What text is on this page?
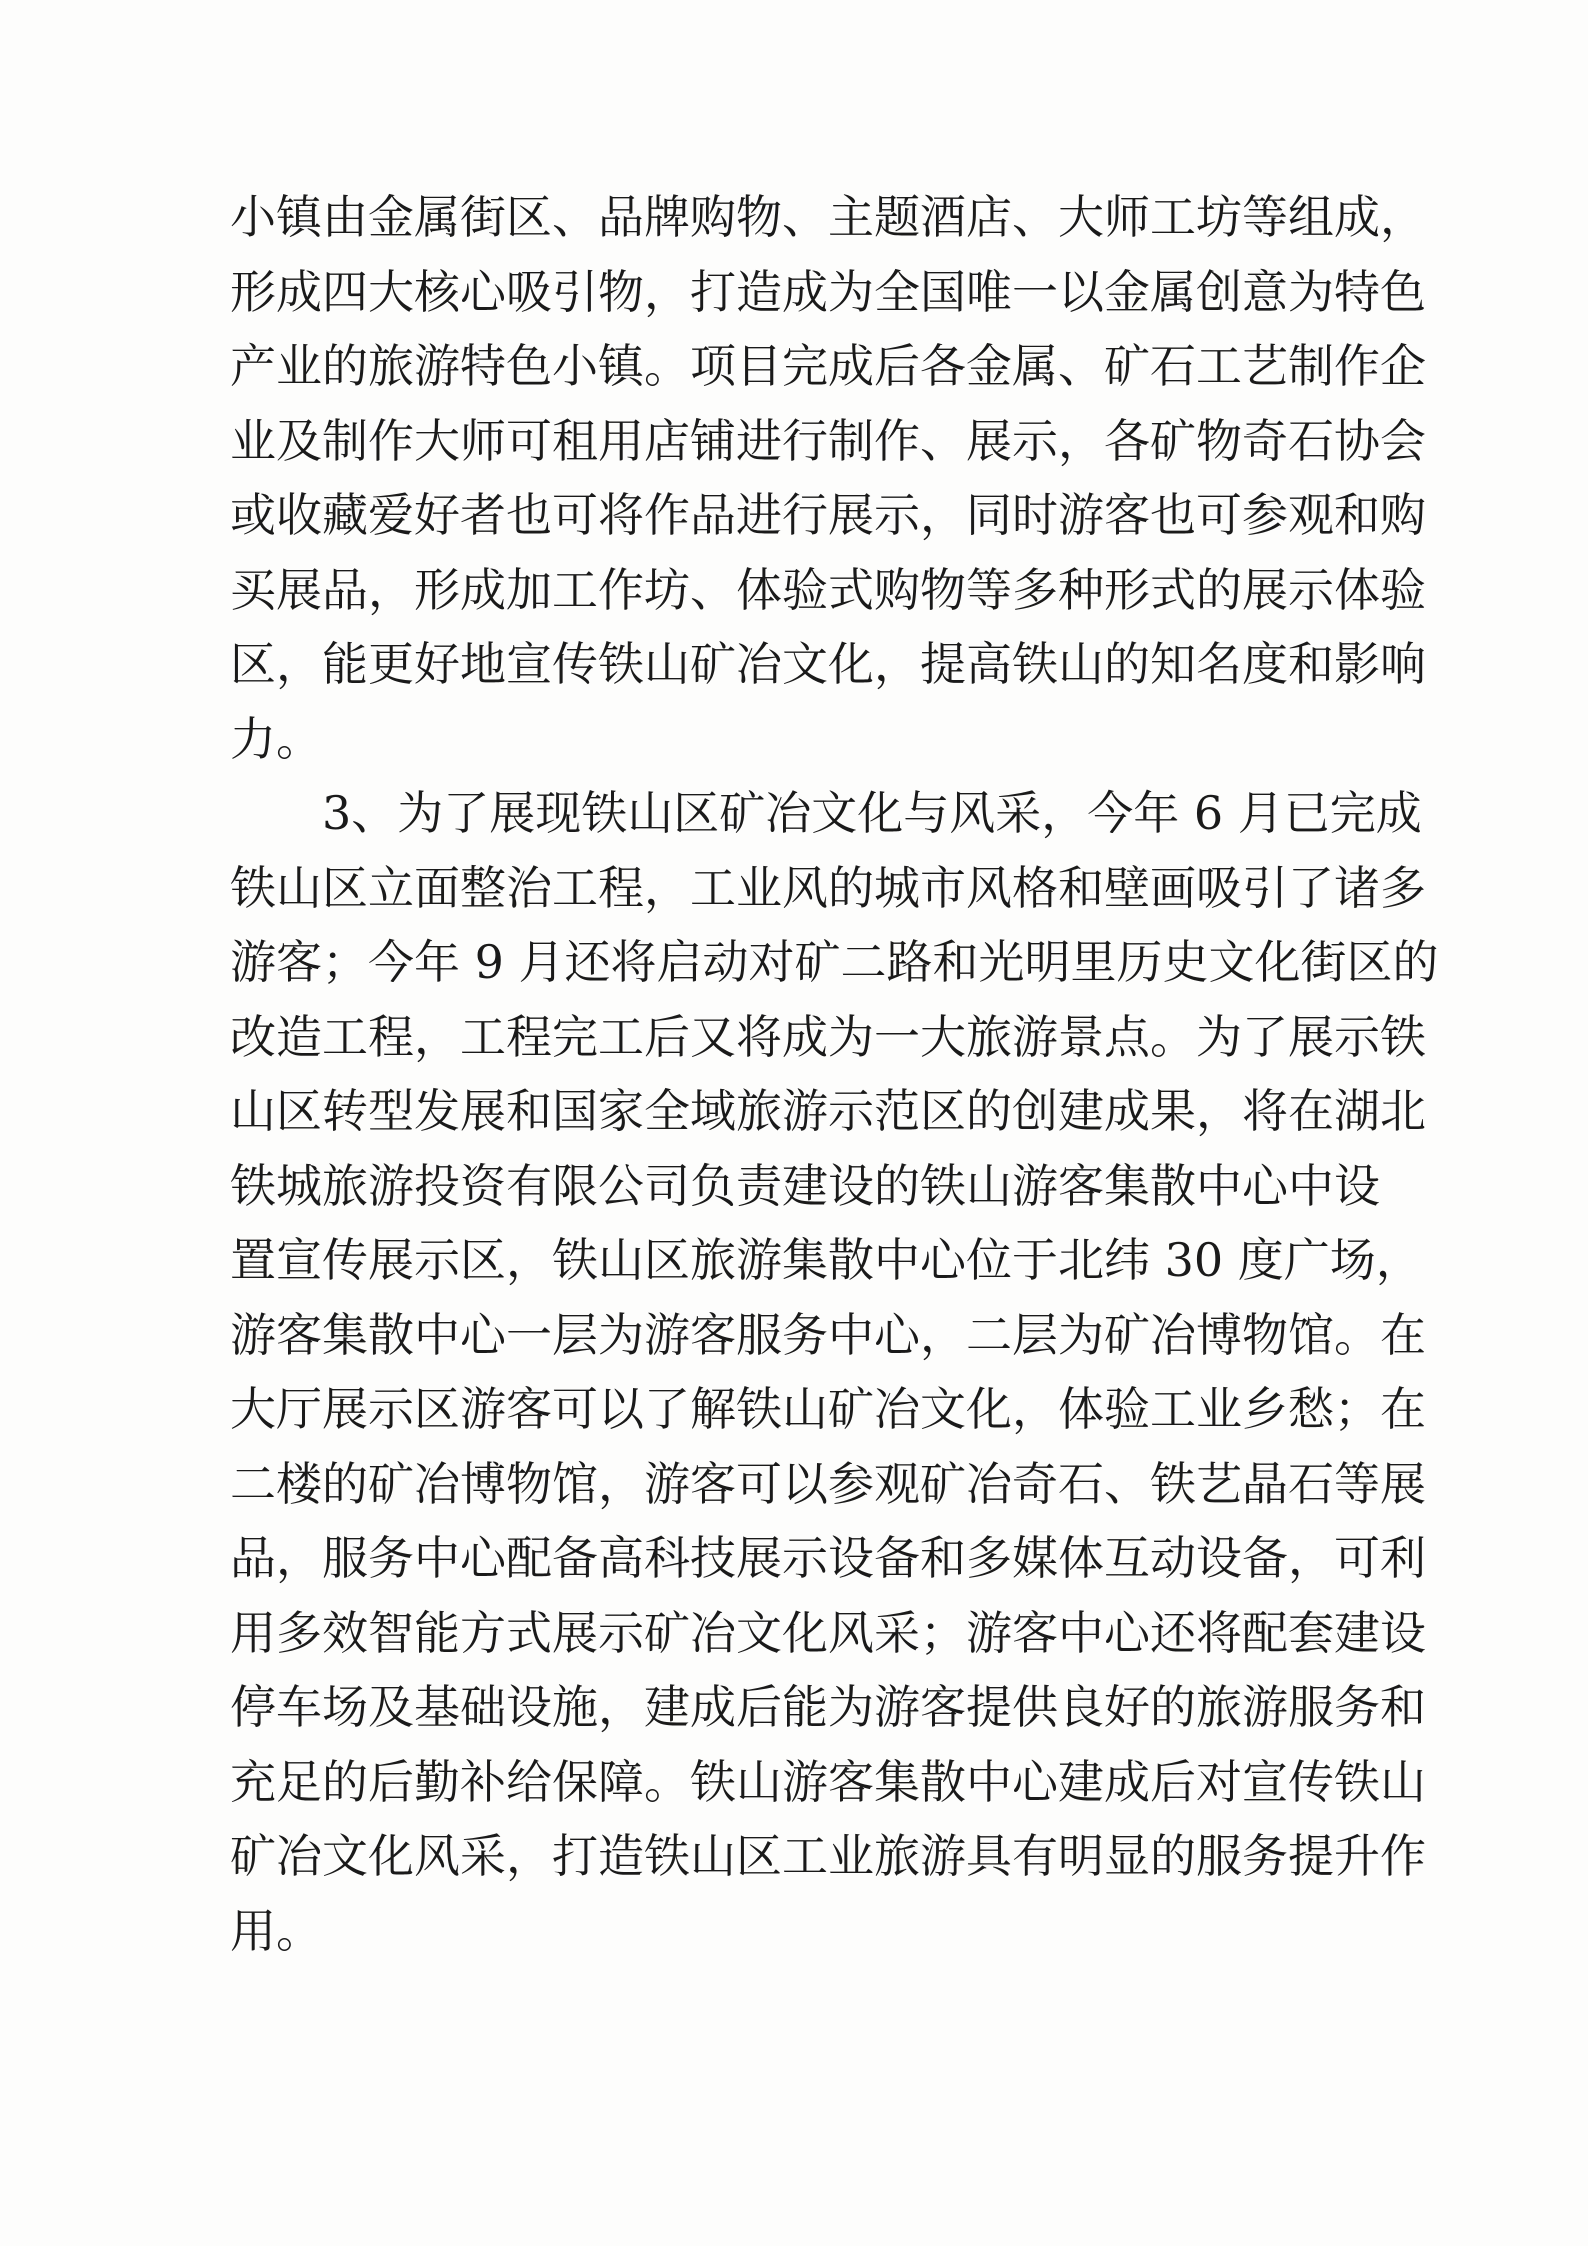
小镇由金属街区、品牌购物、主题酒店、大师工坊等组成，
形成四大核心吸引物，打造成为全国唯一以金属创意为特色
产业的旅游特色小镇。项目完成后各金属、矿石工艺制作企
业及制作大师可租用店铺进行制作、展示，各矿物奇石协会
或收藏爱好者也可将作品进行展示，同时游客也可参观和购
买展品，形成加工作坊、体验式购物等多种形式的展示体验
区，能更好地宣传铁山矿冶文化，提高铁山的知名度和影响
力。
3、为了展现铁山区矿冶文化与风采，今年 6 月已完成
铁山区立面整治工程，工业风的城市风格和壁画吸引了诸多
游客；今年 9 月还将启动对矿二路和光明里历史文化街区的
改造工程，工程完工后又将成为一大旅游景点。为了展示铁
山区转型发展和国家全域旅游示范区的创建成果，将在湖北
铁城旅游投资有限公司负责建设的铁山游客集散中心中设
置宣传展示区，铁山区旅游集散中心位于北纬 30 度广场，
游客集散中心一层为游客服务中心，二层为矿冶博物馆。在
大厅展示区游客可以了解铁山矿冶文化，体验工业乡愁；在
二楼的矿冶博物馆，游客可以参观矿冶奇石、铁艺晶石等展
品，服务中心配备高科技展示设备和多媒体互动设备，可利
用多效智能方式展示矿冶文化风采；游客中心还将配套建设
停车场及基础设施，建成后能为游客提供良好的旅游服务和
充足的后勤补给保障。铁山游客集散中心建成后对宣传铁山
矿冶文化风采，打造铁山区工业旅游具有明显的服务提升作
用。
